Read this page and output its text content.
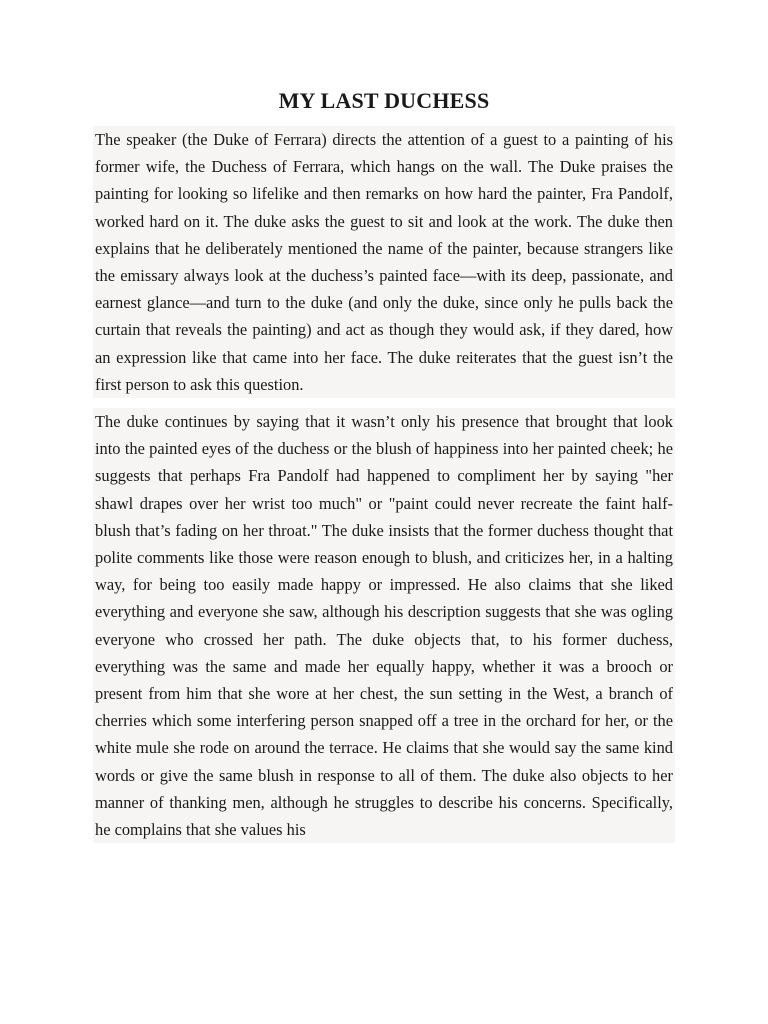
MY LAST DUCHESS

The speaker (the Duke of Ferrara) directs the attention of a guest to a painting of his former wife, the Duchess of Ferrara, which hangs on the wall. The Duke praises the painting for looking so lifelike and then remarks on how hard the painter, Fra Pandolf, worked hard on it. The duke asks the guest to sit and look at the work. The duke then explains that he deliberately mentioned the name of the painter, because strangers like the emissary always look at the duchess’s painted face—with its deep, passionate, and earnest glance—and turn to the duke (and only the duke, since only he pulls back the curtain that reveals the painting) and act as though they would ask, if they dared, how an expression like that came into her face. The duke reiterates that the guest isn’t the first person to ask this question.

The duke continues by saying that it wasn’t only his presence that brought that look into the painted eyes of the duchess or the blush of happiness into her painted cheek; he suggests that perhaps Fra Pandolf had happened to compliment her by saying "her shawl drapes over her wrist too much" or "paint could never recreate the faint half-blush that’s fading on her throat." The duke insists that the former duchess thought that polite comments like those were reason enough to blush, and criticizes her, in a halting way, for being too easily made happy or impressed. He also claims that she liked everything and everyone she saw, although his description suggests that she was ogling everyone who crossed her path. The duke objects that, to his former duchess, everything was the same and made her equally happy, whether it was a brooch or present from him that she wore at her chest, the sun setting in the West, a branch of cherries which some interfering person snapped off a tree in the orchard for her, or the white mule she rode on around the terrace. He claims that she would say the same kind words or give the same blush in response to all of them. The duke also objects to her manner of thanking men, although he struggles to describe his concerns. Specifically, he complains that she values his
